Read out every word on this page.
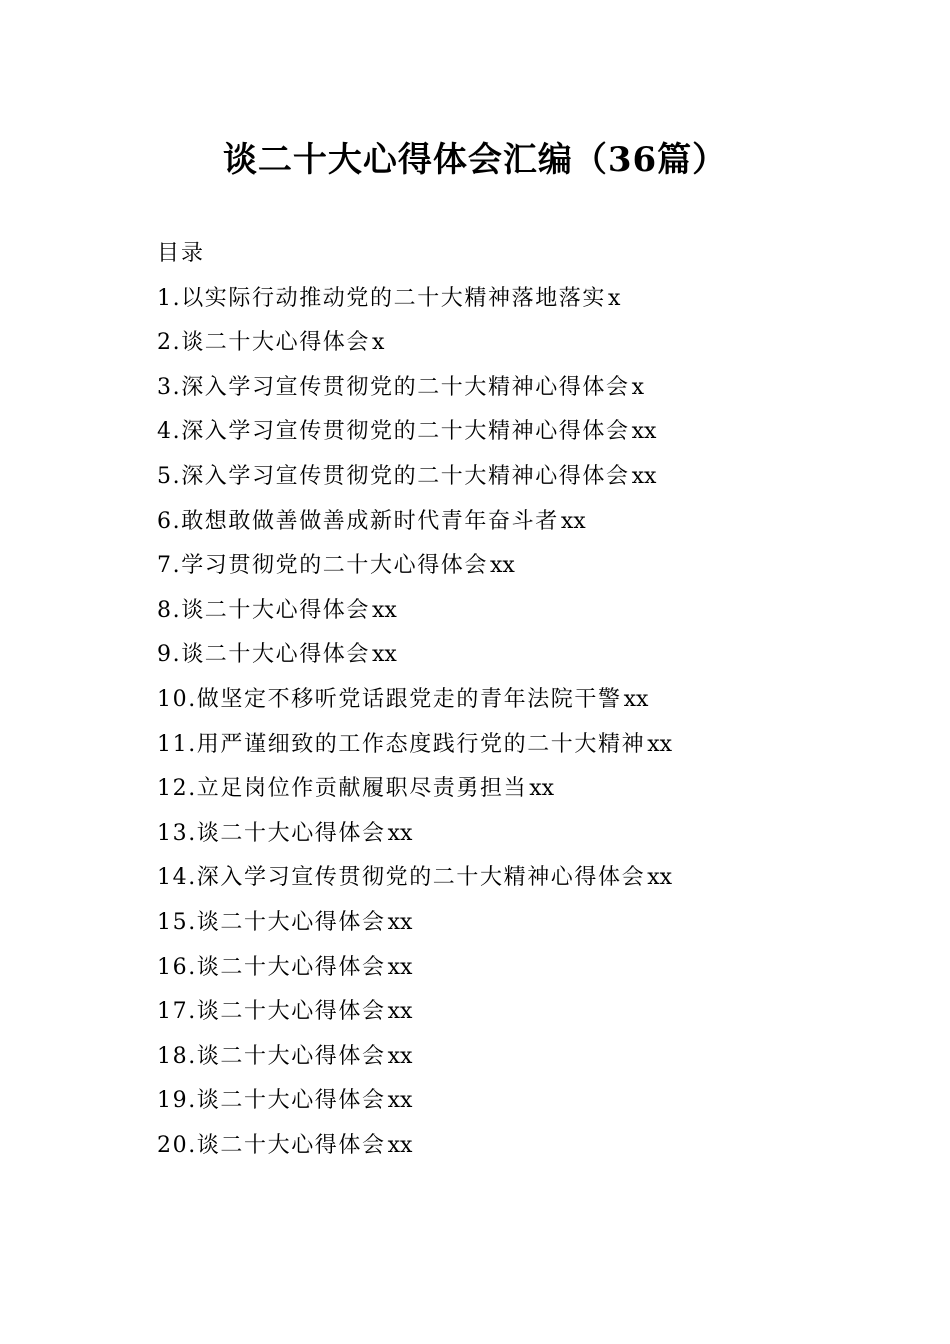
谈二十大心得体会汇编（36篇）
目录
1.以实际行动推动党的二十大精神落地落实x
2.谈二十大心得体会x
3.深入学习宣传贯彻党的二十大精神心得体会x
4.深入学习宣传贯彻党的二十大精神心得体会xx
5.深入学习宣传贯彻党的二十大精神心得体会xx
6.敢想敢做善做善成新时代青年奋斗者xx
7.学习贯彻党的二十大心得体会xx
8.谈二十大心得体会xx
9.谈二十大心得体会xx
10.做坚定不移听党话跟党走的青年法院干警xx
11.用严谨细致的工作态度践行党的二十大精神xx
12.立足岗位作贡献履职尽责勇担当xx
13.谈二十大心得体会xx
14.深入学习宣传贯彻党的二十大精神心得体会xx
15.谈二十大心得体会xx
16.谈二十大心得体会xx
17.谈二十大心得体会xx
18.谈二十大心得体会xx
19.谈二十大心得体会xx
20.谈二十大心得体会xx
